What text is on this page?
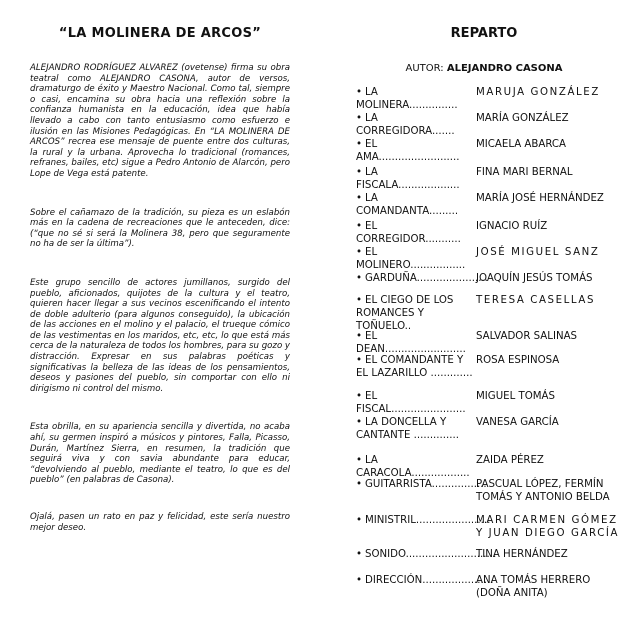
“LA MOLINERA DE ARCOS”

ALEJANDRO RODRÍGUEZ ALVAREZ (ovetense) firma su obra teatral como ALEJANDRO CASONA, autor de versos, dramaturgo de éxito y Maestro Nacional. Como tal, siempre o casi, encamina su obra hacia una reflexión sobre la confianza humanista en la educación, idea que había llevado a cabo con tanto entusiasmo como esfuerzo e ilusión en las Misiones Pedagógicas. En “LA MOLINERA DE ARCOS” recrea ese mensaje de puente entre dos culturas, la rural y la urbana. Aprovecha lo tradicional (romances, refranes, bailes, etc) sigue a Pedro Antonio de Alarcón, pero Lope de Vega está patente.

Sobre el cañamazo de la tradición, su pieza es un eslabón más en la cadena de recreaciones que le anteceden, dice: (“que no sé si será la Molinera 38, pero que seguramente no ha de ser la última”).

Este grupo sencillo de actores jumillanos, surgido del pueblo, aficionados, quijotes de la cultura y el teatro, quieren hacer llegar a sus vecinos escenificando el intento de doble adulterio (para algunos conseguido), la ubicación de las acciones en el molino y el palacio, el trueque cómico de las vestimentas en los maridos, etc, etc, lo que está más cerca de la naturaleza de todos los hombres, para su gozo y distracción. Expresar en sus palabras poéticas y significativas la belleza de las ideas de los pensamientos, deseos y pasiones del pueblo, sin comportar con ello ni dirigismo ni control del mismo.

Esta obrilla, en su apariencia sencilla y divertida, no acaba ahí, su germen inspiró a músicos y pintores, Falla, Picasso, Durán, Martínez Sierra, en resumen, la tradición que seguirá viva y con savia abundante para educar, “devolviendo al pueblo, mediante el teatro, lo que es del pueblo” (en palabras de Casona).

Ojalá, pasen un rato en paz y felicidad, este sería nuestro mejor deseo.

REPARTO
AUTOR: ALEJANDRO CASONA
• LA MOLINERA...............
MARUJA GONZÁLEZ
• LA CORREGIDORA.......
MARÍA GONZÁLEZ
• EL AMA.........................
MICAELA ABARCA
• LA FISCALA...................
FINA MARI BERNAL
• LA COMANDANTA.........
MARÍA JOSÉ HERNÁNDEZ
• EL CORREGIDOR...........
IGNACIO RUÍZ
• EL MOLINERO.................
JOSÉ MIGUEL SANZ
• GARDUÑA......................
JOAQUÍN JESÚS TOMÁS
• EL CIEGO DE LOS ROMANCES Y TOÑUELO..
TERESA CASELLAS
• EL DEAN.........................
SALVADOR SALINAS
• EL COMANDANTE Y EL LAZARILLO .............
ROSA ESPINOSA
• EL FISCAL.......................
MIGUEL TOMÁS
• LA DONCELLA Y CANTANTE ..............
VANESA GARCÍA
• LA CARACOLA..................
ZAIDA PÉREZ
• GUITARRISTA.................
PASCUAL LÓPEZ, FERMÍN TOMÁS Y ANTONIO BELDA
• MINISTRIL.......................
MARI CARMEN GÓMEZ Y JUAN DIEGO GARCÍA
• SONIDO............................
TINA HERNÁNDEZ
• DIRECCIÓN......................
ANA TOMÁS HERRERO (DOÑA ANITA)
